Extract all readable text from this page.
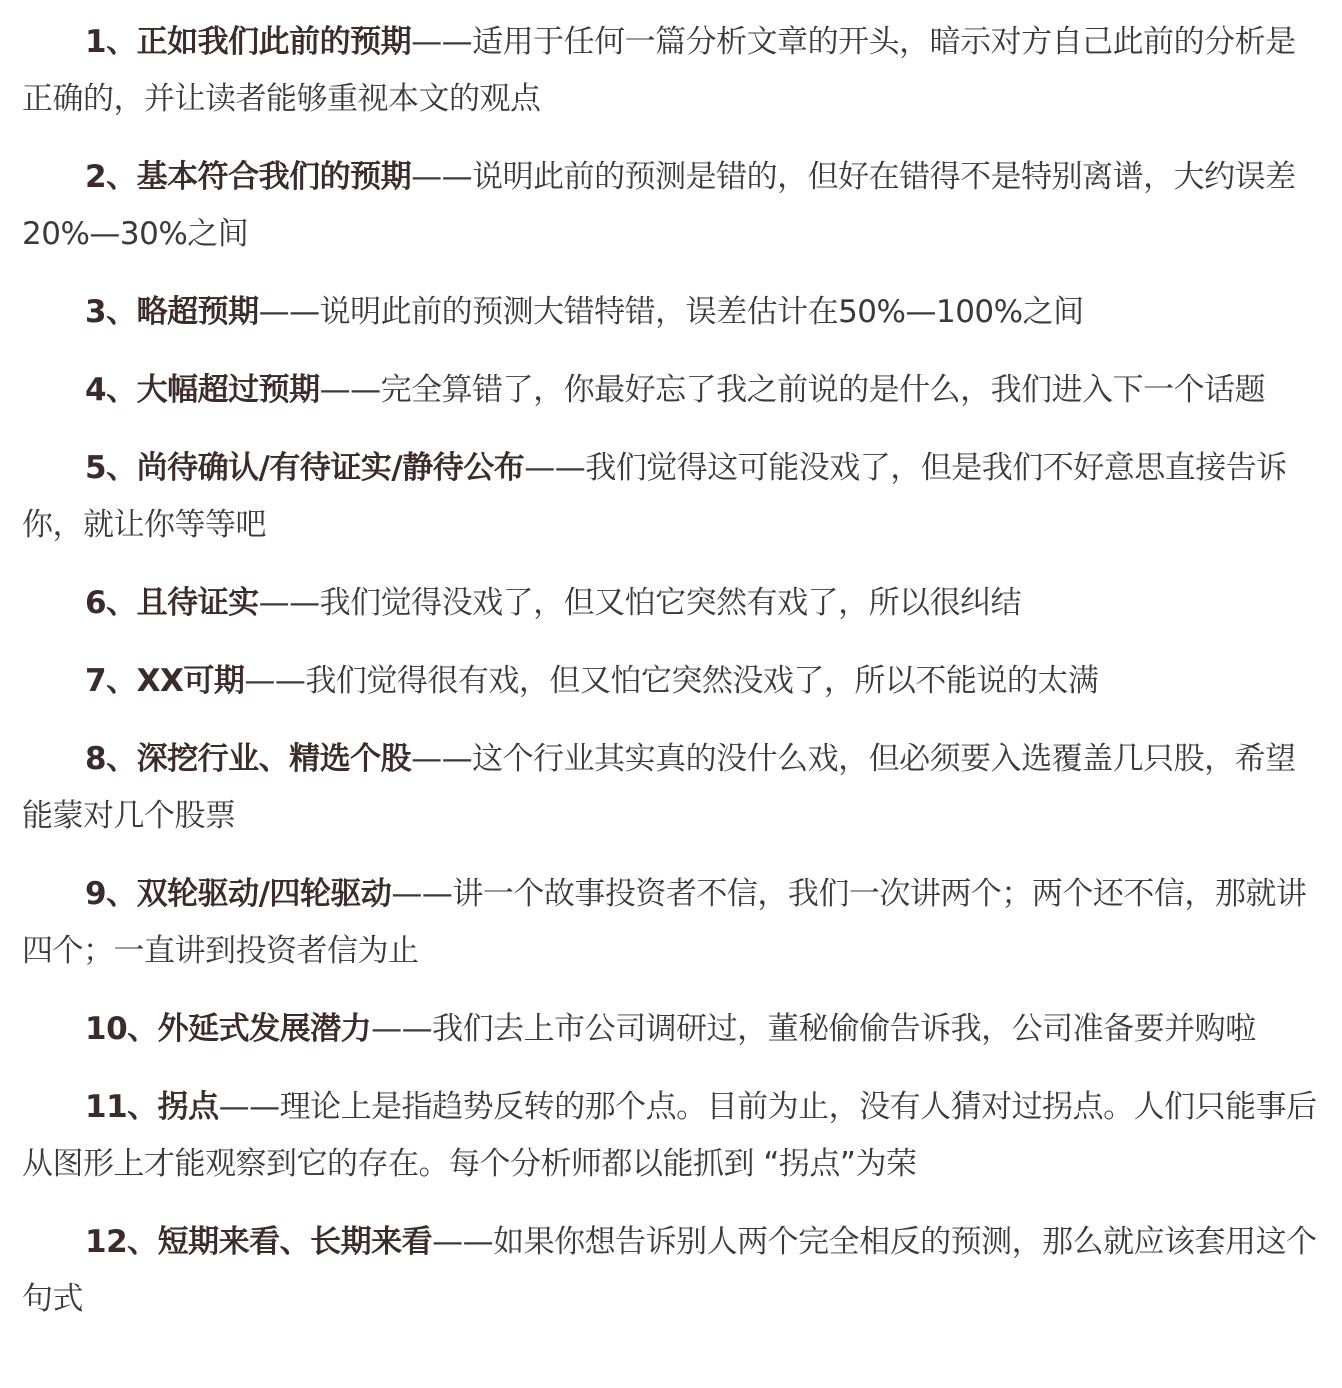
1、正如我们此前的预期——适用于任何一篇分析文章的开头，暗示对方自己此前的分析是正确的，并让读者能够重视本文的观点

2、基本符合我们的预期——说明此前的预测是错的，但好在错得不是特别离谱，大约误差20%—30%之间

3、略超预期——说明此前的预测大错特错，误差估计在50%—100%之间

4、大幅超过预期——完全算错了，你最好忘了我之前说的是什么，我们进入下一个话题

5、尚待确认/有待证实/静待公布——我们觉得这可能没戏了，但是我们不好意思直接告诉你，就让你等等吧

6、且待证实——我们觉得没戏了，但又怕它突然有戏了，所以很纠结

7、XX可期——我们觉得很有戏，但又怕它突然没戏了，所以不能说的太满

8、深挖行业、精选个股——这个行业其实真的没什么戏，但必须要入选覆盖几只股，希望能蒙对几个股票

9、双轮驱动/四轮驱动——讲一个故事投资者不信，我们一次讲两个；两个还不信，那就讲四个；一直讲到投资者信为止

10、外延式发展潜力——我们去上市公司调研过，董秘偷偷告诉我，公司准备要并购啦

11、拐点——理论上是指趋势反转的那个点。目前为止，没有人猜对过拐点。人们只能事后从图形上才能观察到它的存在。每个分析师都以能抓到 “拐点”为荣

12、短期来看、长期来看——如果你想告诉别人两个完全相反的预测，那么就应该套用这个句式
